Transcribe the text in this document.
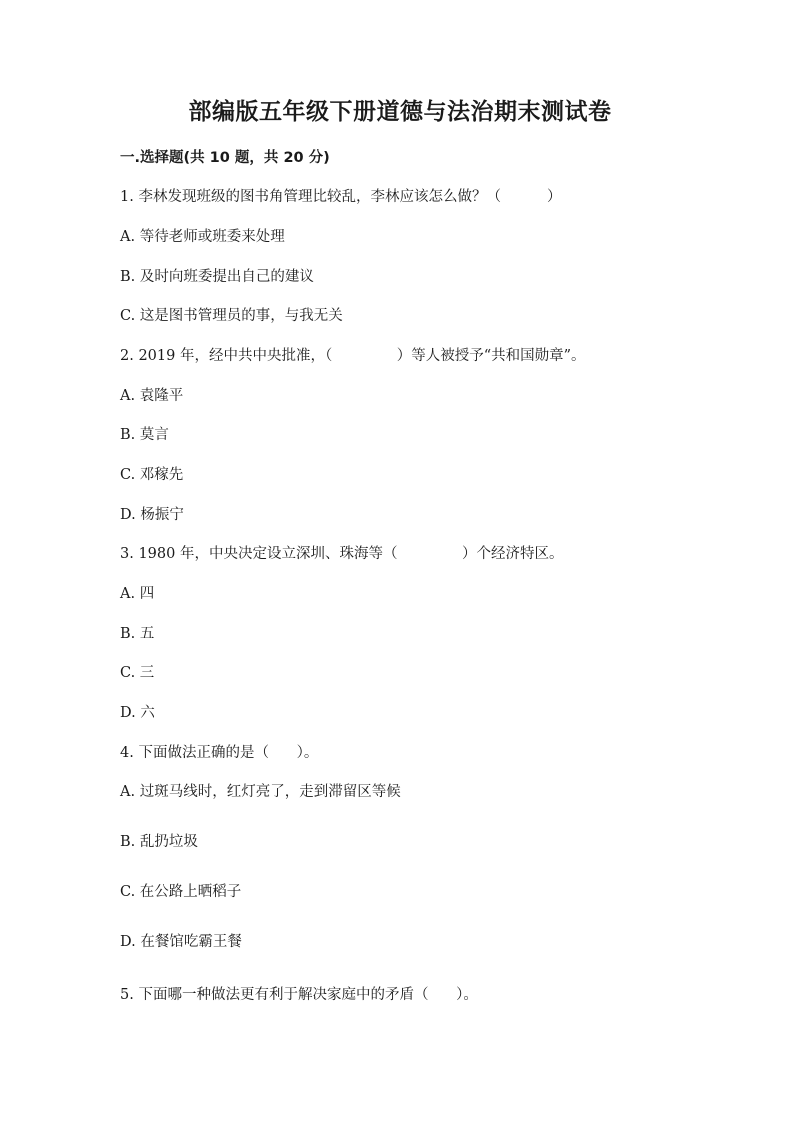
部编版五年级下册道德与法治期末测试卷
一.选择题(共 10 题，共 20 分)
1. 李林发现班级的图书角管理比较乱，李林应该怎么做？（          ）
A. 等待老师或班委来处理
B. 及时向班委提出自己的建议
C. 这是图书管理员的事，与我无关
2. 2019 年，经中共中央批准，（              ）等人被授予“共和国勋章”。
A. 袁隆平
B. 莫言
C. 邓稼先
D. 杨振宁
3. 1980 年，中央决定设立深圳、珠海等（              ）个经济特区。
A. 四
B. 五
C. 三
D. 六
4. 下面做法正确的是（      ）。
A. 过斑马线时，红灯亮了，走到滞留区等候
B. 乱扔垃圾
C. 在公路上晒稻子
D. 在餐馆吃霸王餐
5. 下面哪一种做法更有利于解决家庭中的矛盾（      ）。
